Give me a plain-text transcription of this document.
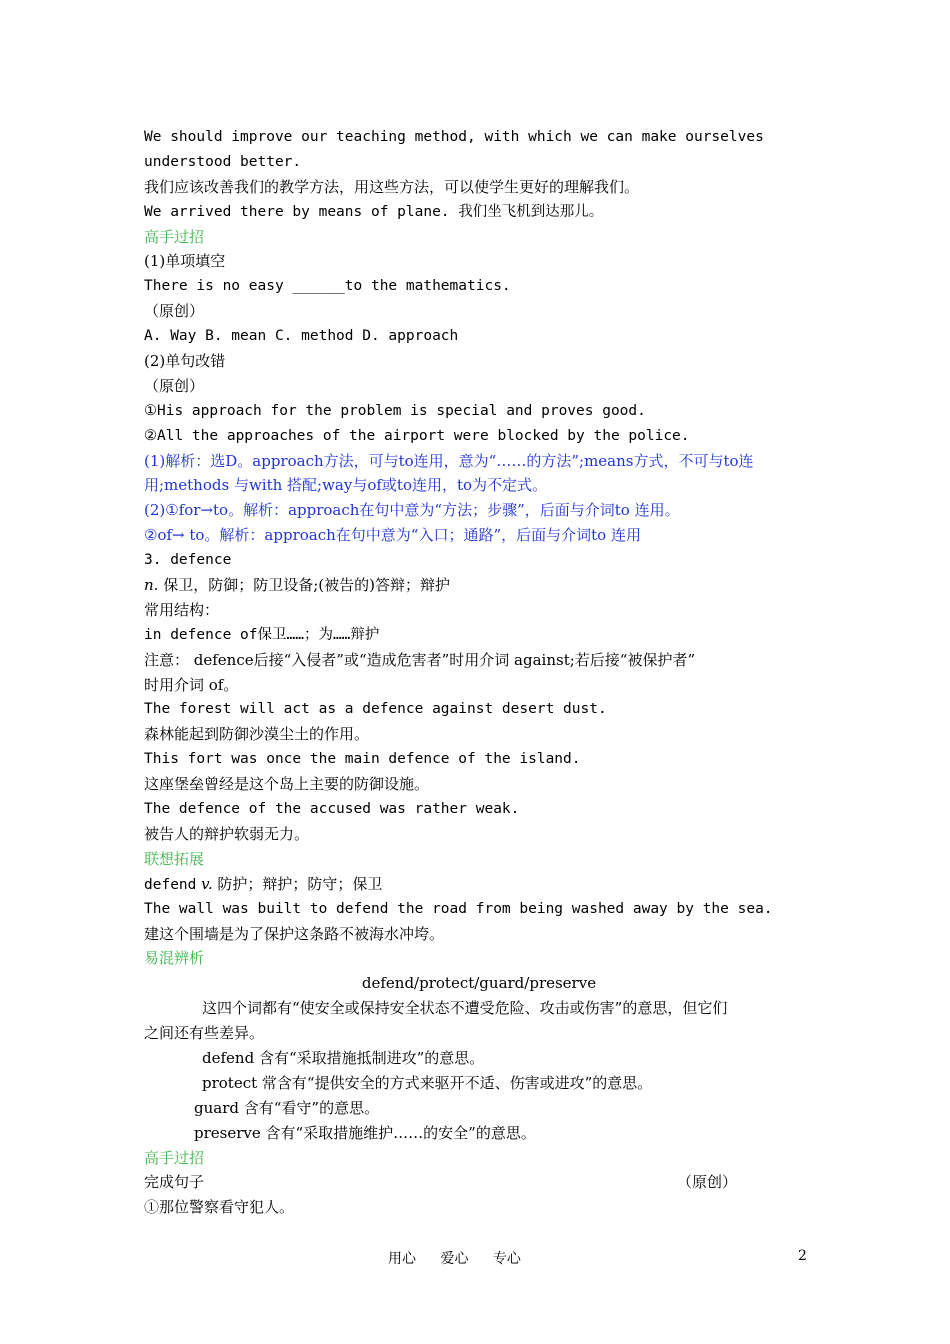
We should improve our teaching method, with which we can make ourselves
understood better.
我们应该改善我们的教学方法，用这些方法，可以使学生更好的理解我们。
We arrived there by means of plane. 我们坐飞机到达那儿。
高手过招
(1)单项填空
There is no easy ______to the mathematics.
（原创）
A. Way B. mean C. method D. approach
(2)单句改错
（原创）
①His approach for the problem is special and proves good.
②All the approaches of the airport were blocked by the police.
(1)解析：选D。approach方法，可与to连用，意为“……的方法”;means方式，不可与to连
用;methods 与with 搭配;way与of或to连用，to为不定式。
(2)①for→to。解析：approach在句中意为“方法；步骤”，后面与介词to 连用。
②of→ to。解析：approach在句中意为“入口；通路”，后面与介词to 连用
3. defence
n. 保卫，防御；防卫设备;(被告的)答辩；辩护
常用结构：
in defence of保卫……；为……辩护
注意： defence后接“入侵者”或“造成危害者”时用介词 against;若后接“被保护者”
时用介词 of。
The forest will act as a defence against desert dust.
森林能起到防御沙漠尘土的作用。
This fort was once the main defence of the island.
这座堡垒曾经是这个岛上主要的防御设施。
The defence of the accused was rather weak.
被告人的辩护软弱无力。
联想拓展
defend v. 防护；辩护；防守；保卫
The wall was built to defend the road from being washed away by the sea.
建这个围墙是为了保护这条路不被海水冲垮。
易混辨析
defend/protect/guard/preserve
这四个词都有“使安全或保持安全状态不遭受危险、攻击或伤害”的意思，但它们
之间还有些差异。
defend 含有“采取措施抵制进攻”的意思。
protect 常含有“提供安全的方式来驱开不适、伤害或进攻”的意思。
guard 含有“看守”的意思。
preserve 含有“采取措施维护……的安全”的意思。
高手过招
完成句子	（原创）
①那位警察看守犯人。
用心 爱心 专心	2
